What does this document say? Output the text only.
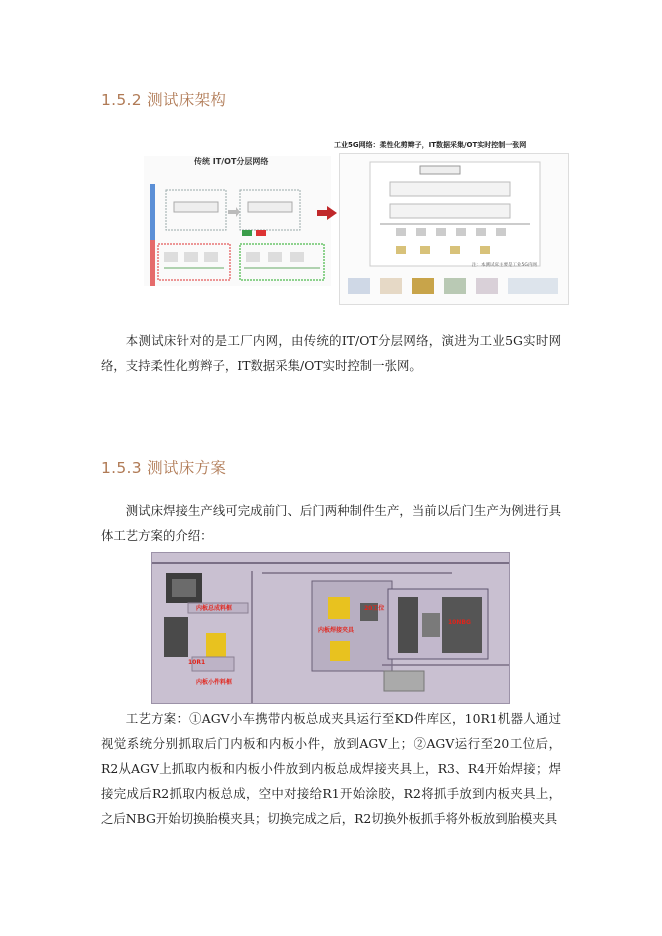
1.5.2 测试床架构
传统 IT/OT分层网络
工业5G网络：柔性化剪辫子，IT数据采集/OT实时控制一张网
注：本测试床主要是工业5G内网

本测试床针对的是工厂内网，由传统的IT/OT分层网络，演进为工业5G实时网络，支持柔性化剪辫子，IT数据采集/OT实时控制一张网。

1.5.3 测试床方案

测试床焊接生产线可完成前门、后门两种制件生产，当前以后门生产为例进行具体工艺方案的介绍：

内板总成料框
10R1
内板小件料框
内板焊接夹具
20工位
10NBG

工艺方案：①AGV小车携带内板总成夹具运行至KD件库区，10R1机器人通过视觉系统分别抓取后门内板和内板小件，放到AGV上；②AGV运行至20工位后，R2从AGV上抓取内板和内板小件放到内板总成焊接夹具上，R3、R4开始焊接；焊接完成后R2抓取内板总成，空中对接给R1开始涂胶，R2将抓手放到内板夹具上，之后NBG开始切换胎模夹具；切换完成之后，R2切换外板抓手将外板放到胎模夹具
